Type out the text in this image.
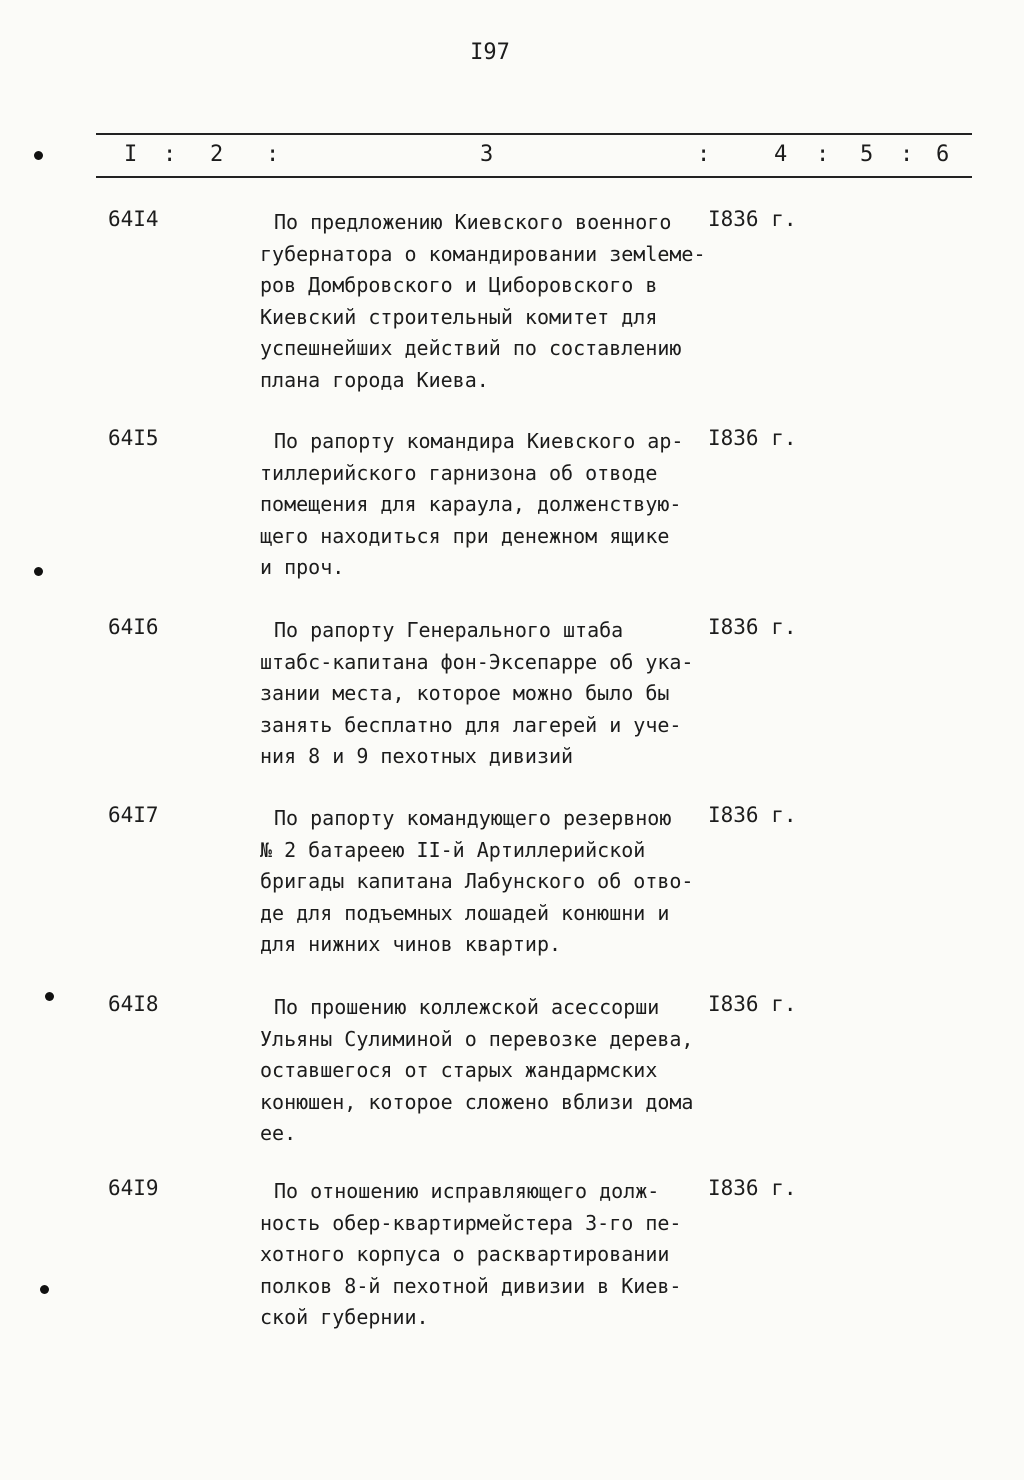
I97
I : 2 :	3	:	4 : 5 : 6
64I4	По предложению Киевского военного
губернатора о командировании земleме-
ров Домбровского и Цибоpовского в
Киевский строительный комитет для
успешнейших действий по составлению
плана города Киева.
I836 г.
64I5	По рапорту командира Киевского ар-
тиллерийского гарнизона об отводе
помещения для караула, долженствую-
щего находиться при денежном ящике
и проч.
I836 г.
64I6	По рапорту Генерального штаба
штабс-капитана фон-Эксепарре об ука-
зании места, которое можно было бы
занять бесплатно для лагерей и уче-
ния 8 и 9 пехотных дивизий
I836 г.
64I7	По рапорту командующего резервною
№ 2 батареею II-й Артиллерийской
бригады капитана Лабунского об отво-
де для подъемных лошадей конюшни и
для нижних чинов квартир.
I836 г.
64I8	По прошению коллежской асессорши
Ульяны Сулиминой о перевозке дерева,
оставшегося от старых жандармских
конюшен, которое сложено вблизи дома
ее.
I836 г.
64I9	По отношению исправляющего долж-
ность обер-квартирмейстера 3-го пе-
хотного корпуса о расквартировании
полков 8-й пехотной дивизии в Киев-
ской губернии.
I836 г.
